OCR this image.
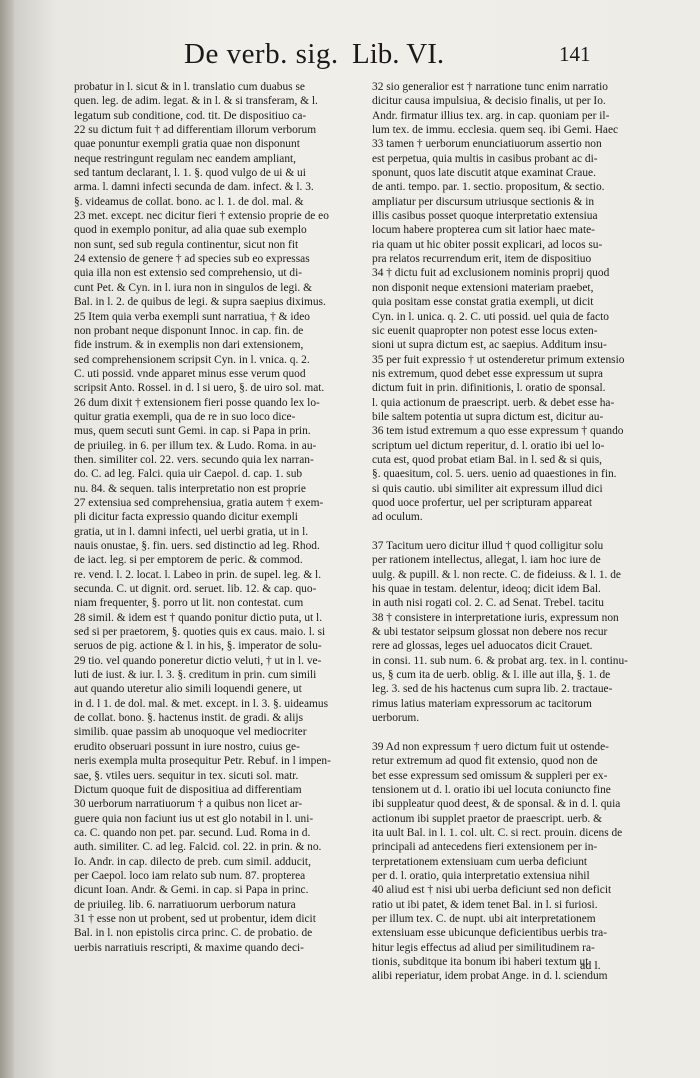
De verb. sig. Lib. VI.	141
probatur in l. sicut & in l. translatio cum duabus se
quen. leg. de adim. legat. & in l. & si transferam, & l.
legatum sub conditione, cod. tit. De dispositiuo ca-
22 su dictum fuit † ad differentiam illorum verborum
quae ponuntur exempli gratia quae non disponunt
neque restringunt regulam nec eandem ampliant,
sed tantum declarant, l. 1. §. quod vulgo de ui & ui
arma. l. damni infecti secunda de dam. infect. & l. 3.
§. videamus de collat. bono. ac l. 1. de dol. mal. &
23 met. except. nec dicitur fieri † extensio proprie de eo
quod in exemplo ponitur, ad alia quae sub exemplo
non sunt, sed sub regula continentur, sicut non fit
24 extensio de genere † ad species sub eo expressas
quia illa non est extensio sed comprehensio, ut di-
cunt Pet. & Cyn. in l. iura non in singulos de legi. &
Bal. in l. 2. de quibus de legi. & supra saepius diximus.
25 Item quia verba exempli sunt narratiua, † & ideo
non probant neque disponunt Innoc. in cap. fin. de
fide instrum. & in exemplis non dari extensionem,
sed comprehensionem scripsit Cyn. in l. vnica. q. 2.
C. uti possid. vnde apparet minus esse verum quod
scripsit Anto. Rossel. in d. l si uero, §. de uiro sol. mat.
26 dum dixit † extensionem fieri posse quando lex lo-
quitur gratia exempli, qua de re in suo loco dice-
mus, quem secuti sunt Gemi. in cap. si Papa in prin.
de priuileg. in 6. per illum tex. & Ludo. Roma. in au-
then. similiter col. 22. vers. secundo quia lex narran-
do. C. ad leg. Falci. quia uir Caepol. d. cap. 1. sub
nu. 84. & sequen. talis interpretatio non est proprie
27 extensiua sed comprehensiua, gratia autem † exem-
pli dicitur facta expressio quando dicitur exempli
gratia, ut in l. damni infecti, uel uerbi gratia, ut in l.
nauis onustae, §. fin. uers. sed distinctio ad leg. Rhod.
de iact. leg. si per emptorem de peric. & commod.
re. vend. l. 2. locat. l. Labeo in prin. de supel. leg. & l.
secunda. C. ut dignit. ord. seruet. lib. 12. & cap. quo-
niam frequenter, §. porro ut lit. non contestat. cum
28 simil. & idem est † quando ponitur dictio puta, ut l.
sed si per praetorem, §. quoties quis ex caus. maio. l. si
seruos de pig. actione & l. in his, §. imperator de solu-
29 tio. vel quando poneretur dictio veluti, † ut in l. ve-
luti de iust. & iur. l. 3. §. creditum in prin. cum simili
aut quando uteretur alio simili loquendi genere, ut
in d. l 1. de dol. mal. & met. except. in l. 3. §. uideamus
de collat. bono. §. hactenus instit. de gradi. & alijs
similib. quae passim ab unoquoque vel mediocriter
erudito obseruari possunt in iure nostro, cuius ge-
neris exempla multa prosequitur Petr. Rebuf. in l impen-
sae, §. vtiles uers. sequitur in tex. sicuti sol. matr.
Dictum quoque fuit de dispositiua ad differentiam
30 uerborum narratiuorum † a quibus non licet ar-
guere quia non faciunt ius ut est glo notabil in l. uni-
ca. C. quando non pet. par. secund. Lud. Roma in d.
auth. similiter. C. ad leg. Falcid. col. 22. in prin. & no.
Io. Andr. in cap. dilecto de preb. cum simil. adducit,
per Caepol. loco iam relato sub num. 87. propterea
dicunt Ioan. Andr. & Gemi. in cap. si Papa in princ.
de priuileg. lib. 6. narratiuorum uerborum natura
31 † esse non ut probent, sed ut probentur, idem dicit
Bal. in l. non epistolis circa princ. C. de probatio. de
uerbis narratiuis rescripti, & maxime quando deci-
32 sio generalior est † narratione tunc enim narratio
dicitur causa impulsiua, & decisio finalis, ut per Io.
Andr. firmatur illius tex. arg. in cap. quoniam per il-
lum tex. de immu. ecclesia. quem seq. ibi Gemi. Haec
33 tamen † uerborum enunciatiuorum assertio non
est perpetua, quia multis in casibus probant ac di-
sponunt, quos late discutit atque examinat Craue.
de anti. tempo. par. 1. sectio. propositum, & sectio.
ampliatur per discursum utriusque sectionis & in
illis casibus posset quoque interpretatio extensiua
locum habere propterea cum sit latior haec mate-
ria quam ut hic obiter possit explicari, ad locos su-
pra relatos recurrendum erit, item de dispositiuo
34 † dictu fuit ad exclusionem nominis proprij quod
non disponit neque extensioni materiam praebet,
quia positam esse constat gratia exempli, ut dicit
Cyn. in l. unica. q. 2. C. uti possid. uel quia de facto
sic euenit quapropter non potest esse locus exten-
sioni ut supra dictum est, ac saepius. Additum insu-
35 per fuit expressio † ut ostenderetur primum extensio
nis extremum, quod debet esse expressum ut supra
dictum fuit in prin. difinitionis, l. oratio de sponsal.
l. quia actionum de praescript. uerb. & debet esse ha-
bile saltem potentia ut supra dictum est, dicitur au-
36 tem istud extremum a quo esse expressum † quando
scriptum uel dictum reperitur, d. l. oratio ibi uel lo-
cuta est, quod probat etiam Bal. in l. sed & si quis,
§. quaesitum, col. 5. uers. uenio ad quaestiones in fin.
si quis cautio. ubi similiter ait expressum illud dici
quod uoce profertur, uel per scripturam appareat
ad oculum.
37 Tacitum uero dicitur illud † quod colligitur solu
per rationem intellectus, allegat, l. iam hoc iure de
uulg. & pupill. & l. non recte. C. de fideiuss. & l. 1. de
his quae in testam. delentur, ideoq; dicit idem Bal.
in auth nisi rogati col. 2. C. ad Senat. Trebel. tacitu
38 † consistere in interpretatione iuris, expressum non
& ubi testator seipsum glossat non debere nos recur
rere ad glossas, leges uel aduocatos dicit Crauet.
in consi. 11. sub num. 6. & probat arg. tex. in l. continu-
us, § cum ita de uerb. oblig. & l. ille aut illa, §. 1. de
leg. 3. sed de his hactenus cum supra lib. 2. tractaue-
rimus latius materiam expressorum ac tacitorum
uerborum.
39 Ad non expressum † uero dictum fuit ut ostende-
retur extremum ad quod fit extensio, quod non de
bet esse expressum sed omissum & suppleri per ex-
tensionem ut d. l. oratio ibi uel locuta coniuncto fine
ibi suppleatur quod deest, & de sponsal. & in d. l. quia
actionum ibi supplet praetor de praescript. uerb. &
ita uult Bal. in l. 1. col. ult. C. si rect. prouin. dicens de
principali ad antecedens fieri extensionem per in-
terpretationem extensiuam cum uerba deficiunt
per d. l. oratio, quia interpretatio extensiua nihil
40 aliud est † nisi ubi uerba deficiunt sed non deficit
ratio ut ibi patet, & idem tenet Bal. in l. si furiosi.
per illum tex. C. de nupt. ubi ait interpretationem
extensiuam esse ubicunque deficientibus uerbis tra-
hitur legis effectus ad aliud per similitudinem ra-
tionis, subditque ita bonum ibi haberi textum ut
alibi reperiatur, idem probat Ange. in d. l. sciendum
ad l.
